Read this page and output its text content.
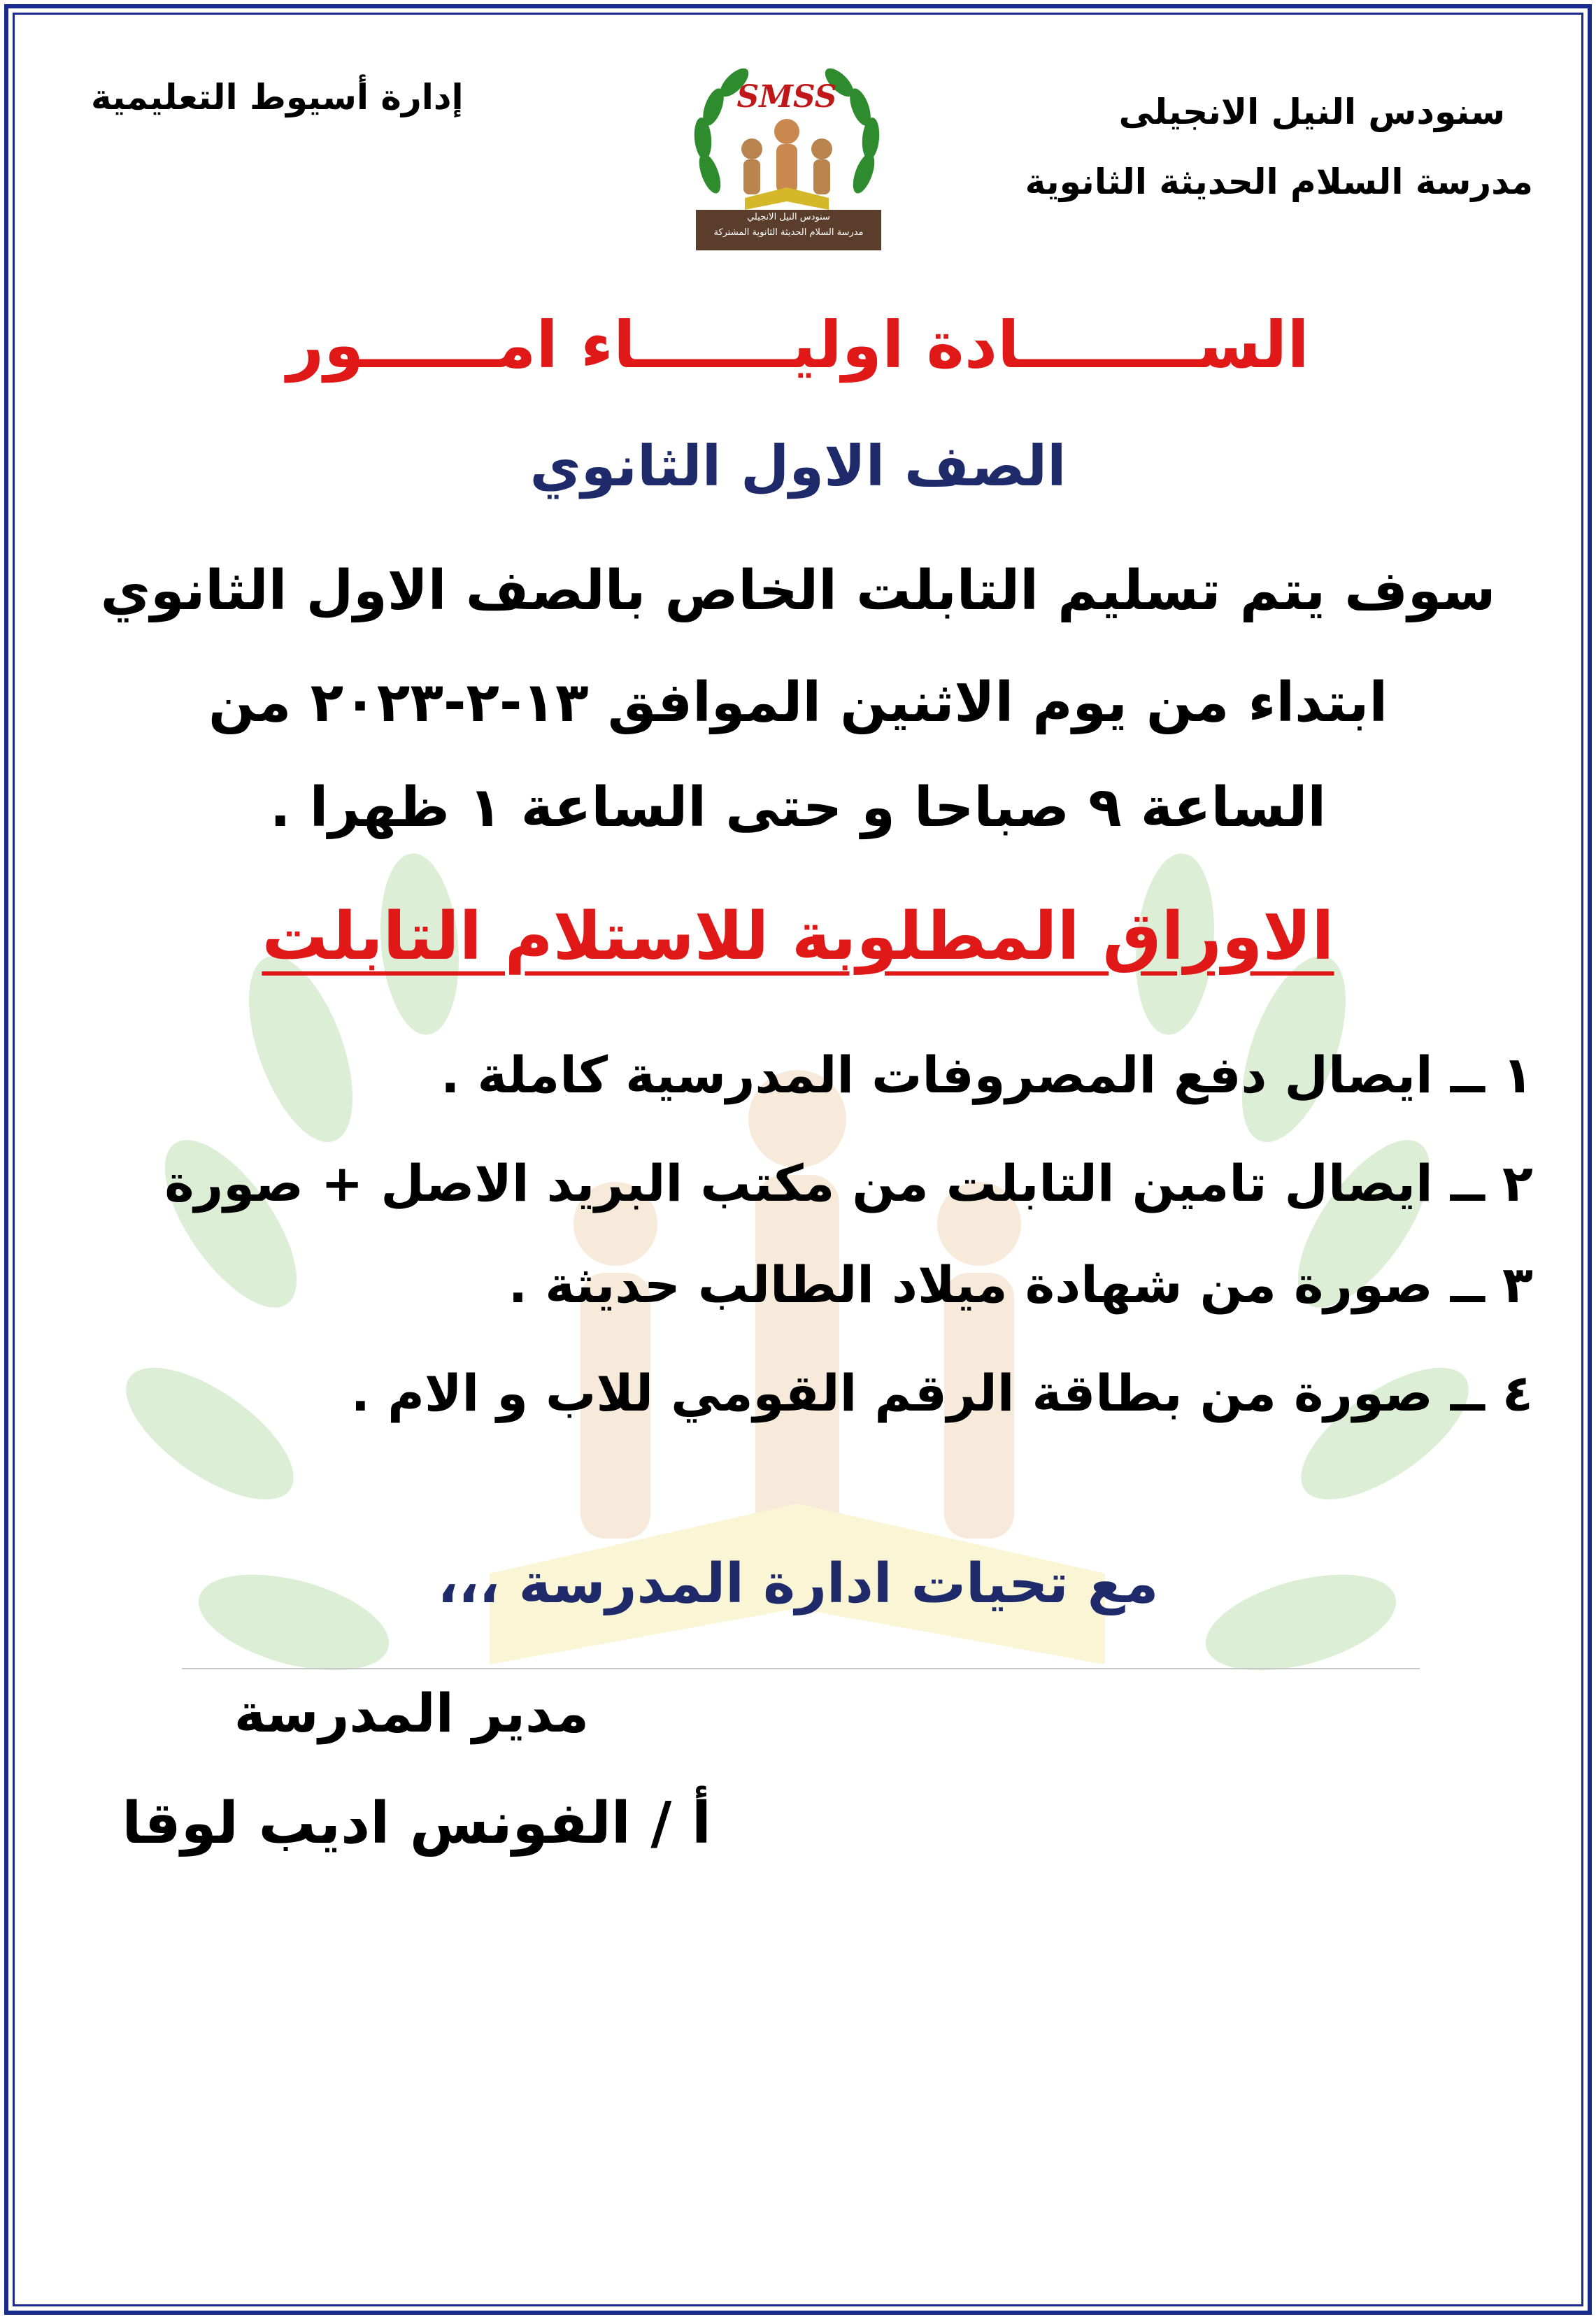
سنودس النيل الانجيلى
مدرسة السلام الحديثة الثانوية
إدارة أسيوط التعليمية	SMSS
سنودس النيل الانجيلي
مدرسة السلام الحديثة الثانوية المشتركة
الســــــــادة اوليـــــــاء امــــــور
الصف الاول الثانوي
سوف يتم تسليم التابلت الخاص بالصف الاول الثانوي
ابتداء من يوم الاثنين الموافق ١٣-٢-٢٠٢٣ من
الساعة ٩ صباحا و حتى الساعة ١ ظهرا .
الاوراق المطلوبة للاستلام التابلت
١ ــ ايصال دفع المصروفات المدرسية كاملة .
٢ ــ ايصال تامين التابلت من مكتب البريد الاصل + صورة
٣ ــ صورة من شهادة ميلاد الطالب حديثة .
٤ ــ صورة من بطاقة الرقم القومي للاب و الام .
مع تحيات ادارة المدرسة ،،،
مدير المدرسة
أ / الفونس اديب لوقا
